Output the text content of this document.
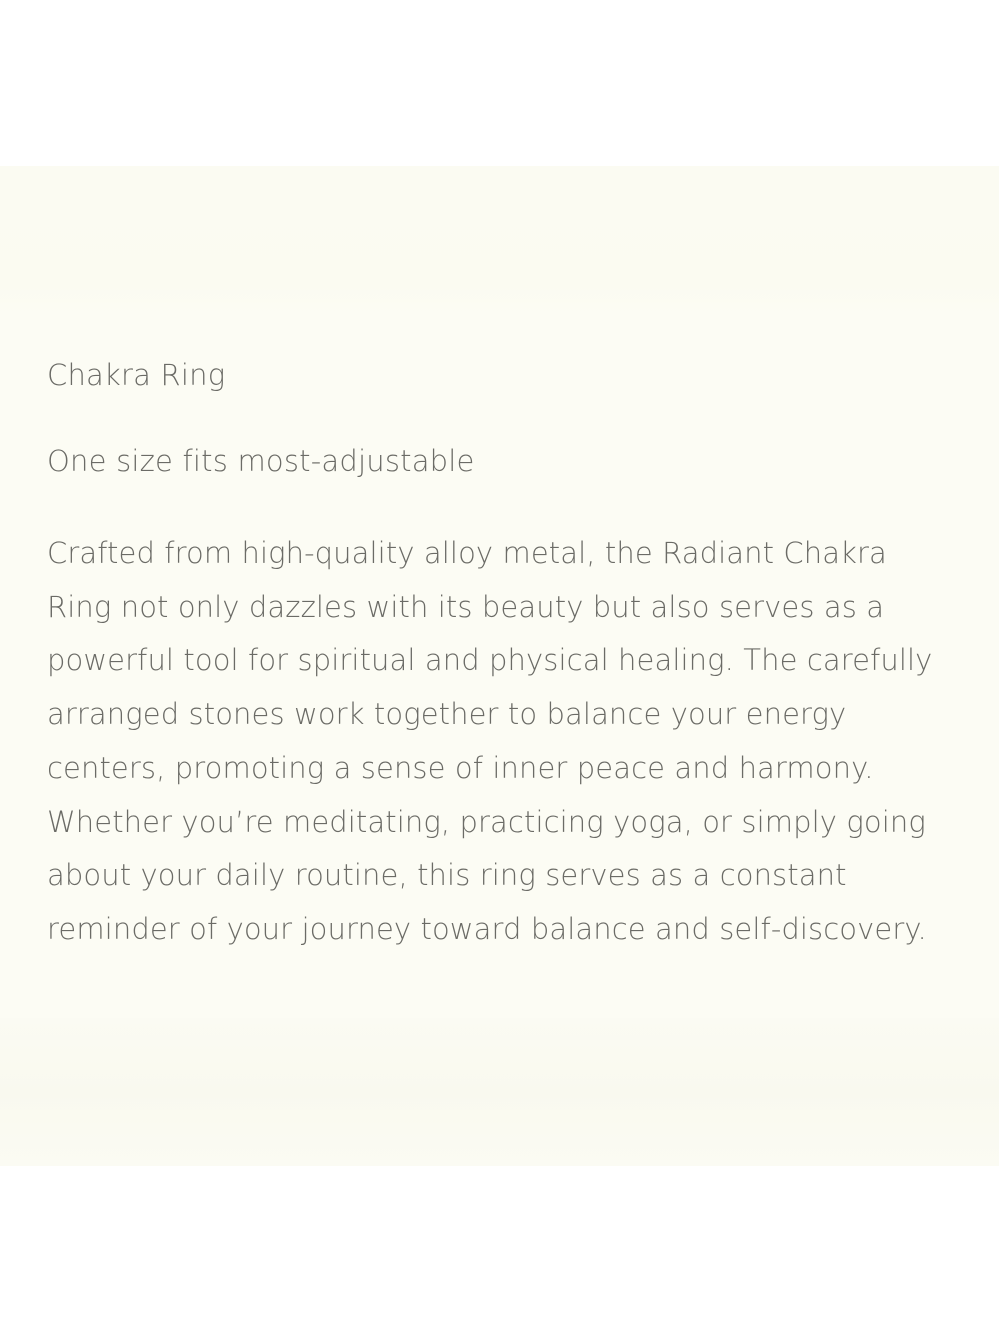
Chakra Ring

One size fits most-adjustable

Crafted from high-quality alloy metal, the Radiant Chakra Ring not only dazzles with its beauty but also serves as a powerful tool for spiritual and physical healing. The carefully arranged stones work together to balance your energy centers, promoting a sense of inner peace and harmony. Whether you’re meditating, practicing yoga, or simply going about your daily routine, this ring serves as a constant reminder of your journey toward balance and self-discovery.
